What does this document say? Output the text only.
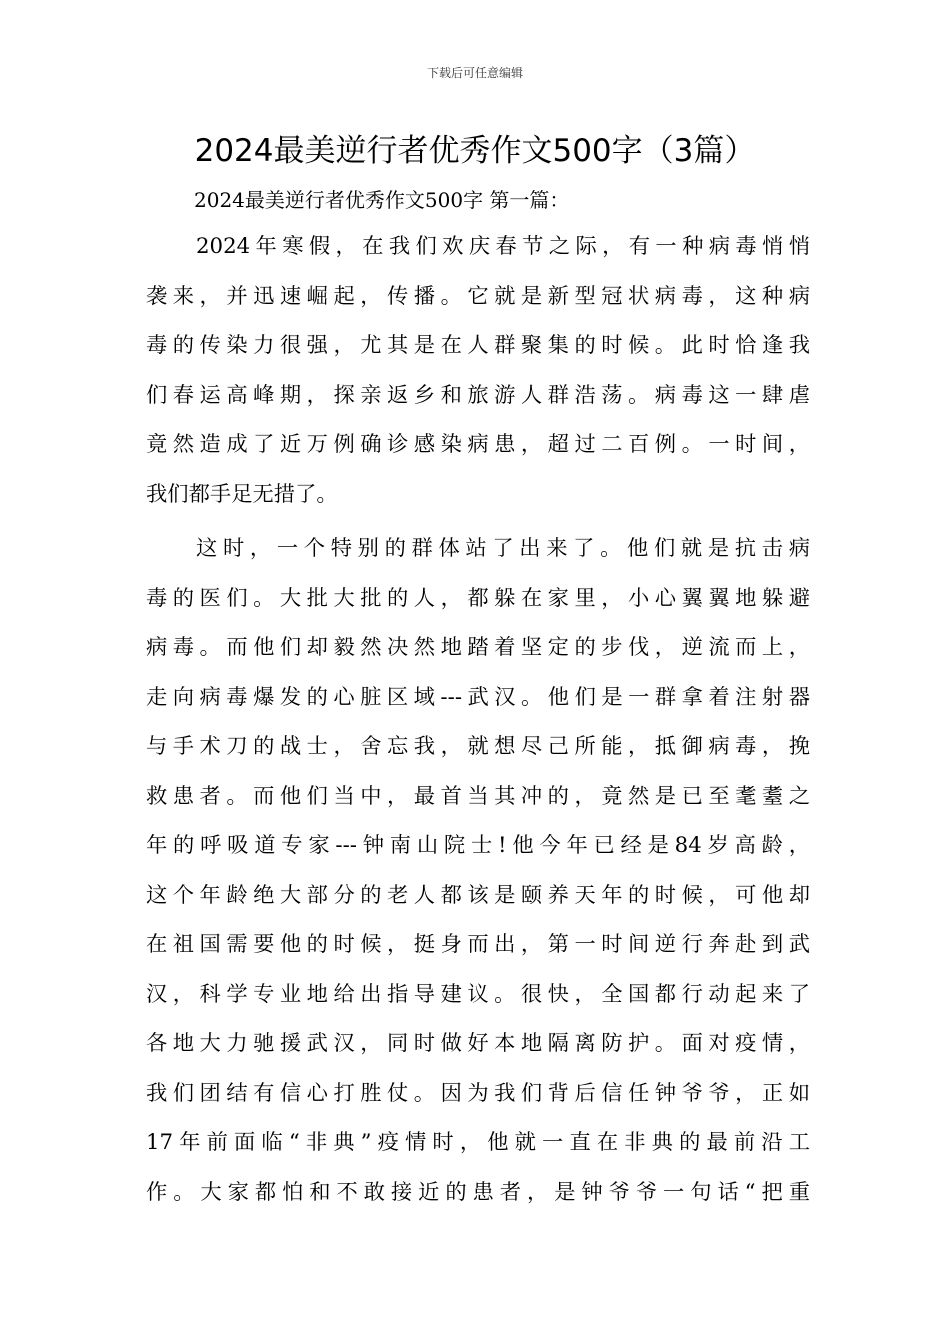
下载后可任意编辑
2024最美逆行者优秀作文500字（3篇）

2024最美逆行者优秀作文500字 第一篇：

2024年寒假，在我们欢庆春节之际，有一种病毒悄悄
袭来，并迅速崛起，传播。它就是新型冠状病毒，这种病
毒的传染力很强，尤其是在人群聚集的时候。此时恰逢我
们春运高峰期，探亲返乡和旅游人群浩荡。病毒这一肆虐
竟然造成了近万例确诊感染病患，超过二百例。一时间，
我们都手足无措了。
这时，一个特别的群体站了出来了。他们就是抗击病
毒的医们。大批大批的人，都躲在家里，小心翼翼地躲避
病毒。而他们却毅然决然地踏着坚定的步伐，逆流而上，
走向病毒爆发的心脏区域---武汉。他们是一群拿着注射器
与手术刀的战士，舍忘我，就想尽己所能，抵御病毒，挽
救患者。而他们当中，最首当其冲的，竟然是已至耄耋之
年的呼吸道专家---钟南山院士!他今年已经是84岁高龄，
这个年龄绝大部分的老人都该是颐养天年的时候，可他却
在祖国需要他的时候，挺身而出，第一时间逆行奔赴到武
汉，科学专业地给出指导建议。很快，全国都行动起来了
各地大力驰援武汉，同时做好本地隔离防护。面对疫情，
我们团结有信心打胜仗。因为我们背后信任钟爷爷，正如
17年前面临“非典”疫情时，他就一直在非典的最前沿工
作。大家都怕和不敢接近的患者，是钟爷爷一句话“把重
